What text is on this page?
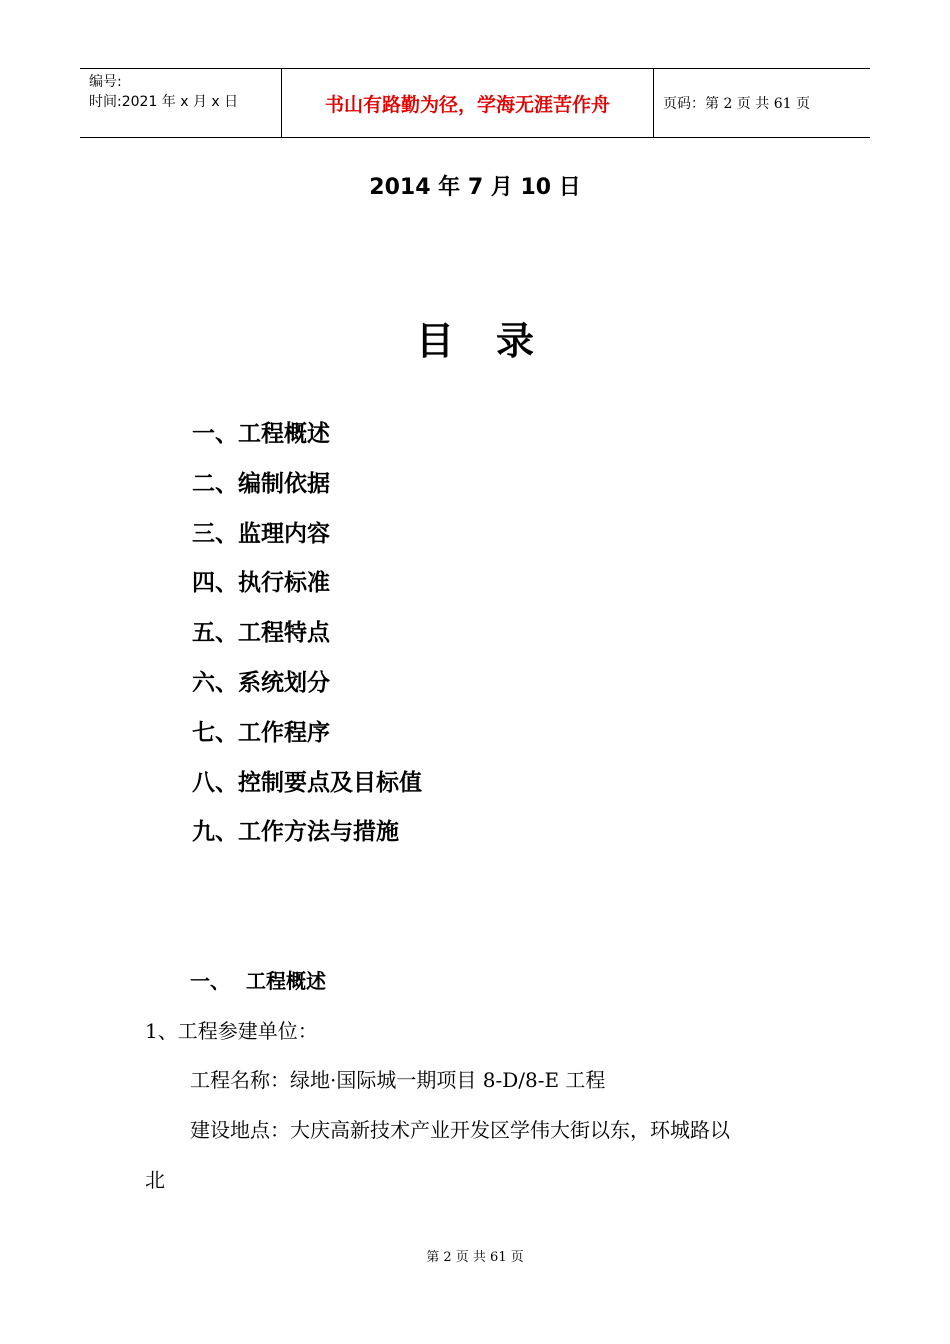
编号:
时间:2021 年 x 月 x 日	书山有路勤为径，学海无涯苦作舟	页码：第 2 页 共 61 页
2014 年 7 月 10 日
目录
一、工程概述
二、编制依据
三、监理内容
四、执行标准
五、工程特点
六、系统划分
七、工作程序
八、控制要点及目标值
九、工作方法与措施
一、 工程概述
1、工程参建单位：
工程名称：绿地·国际城一期项目 8-D/8-E 工程
建设地点：大庆高新技术产业开发区学伟大街以东，环城路以
北
第 2 页 共 61 页
